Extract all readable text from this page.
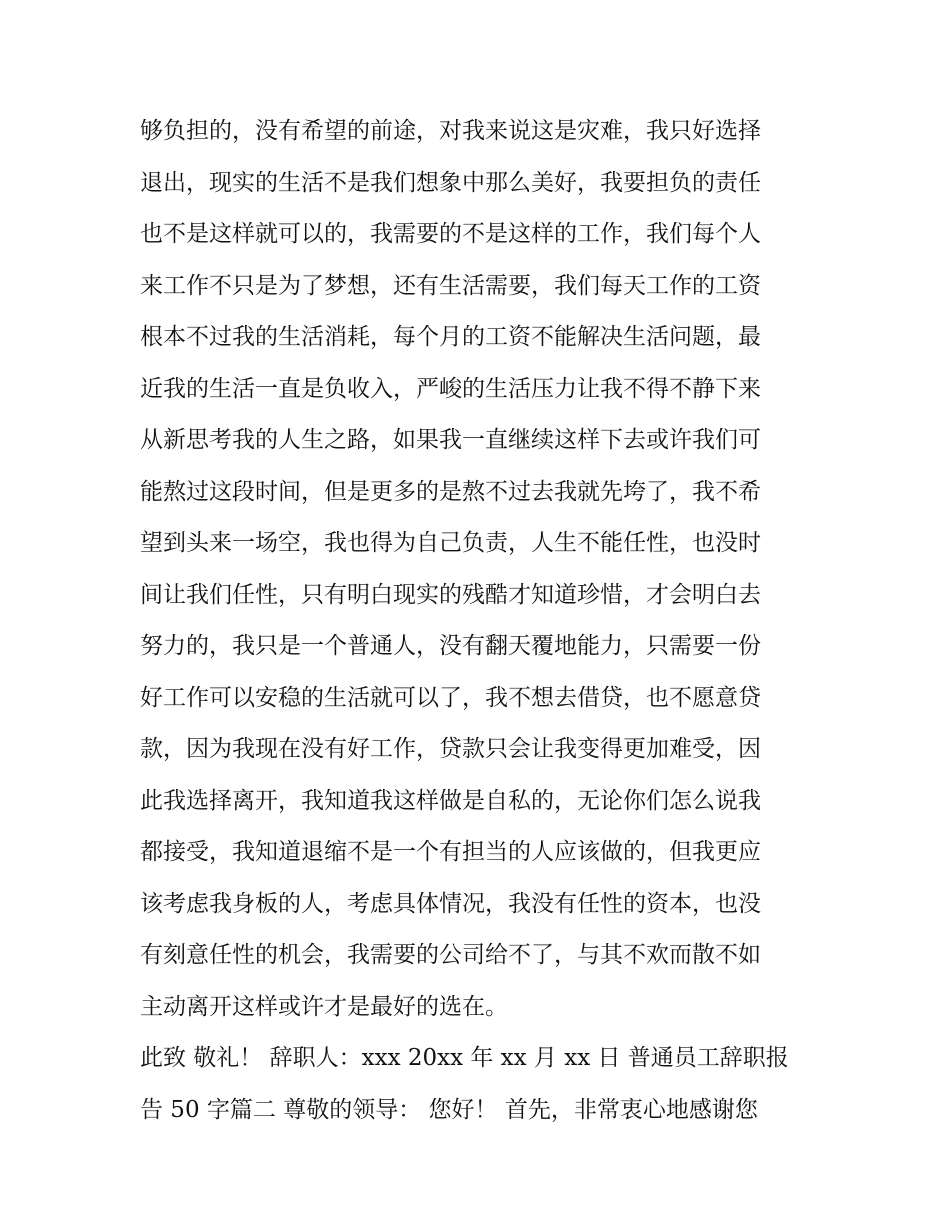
够负担的，没有希望的前途，对我来说这是灾难，我只好选择
退出，现实的生活不是我们想象中那么美好，我要担负的责任
也不是这样就可以的，我需要的不是这样的工作，我们每个人
来工作不只是为了梦想，还有生活需要，我们每天工作的工资
根本不过我的生活消耗，每个月的工资不能解决生活问题，最
近我的生活一直是负收入，严峻的生活压力让我不得不静下来
从新思考我的人生之路，如果我一直继续这样下去或许我们可
能熬过这段时间，但是更多的是熬不过去我就先垮了，我不希
望到头来一场空，我也得为自己负责，人生不能任性，也没时
间让我们任性，只有明白现实的残酷才知道珍惜，才会明白去
努力的，我只是一个普通人，没有翻天覆地能力，只需要一份
好工作可以安稳的生活就可以了，我不想去借贷，也不愿意贷
款，因为我现在没有好工作，贷款只会让我变得更加难受，因
此我选择离开，我知道我这样做是自私的，无论你们怎么说我
都接受，我知道退缩不是一个有担当的人应该做的，但我更应
该考虑我身板的人，考虑具体情况，我没有任性的资本，也没
有刻意任性的机会，我需要的公司给不了，与其不欢而散不如
主动离开这样或许才是最好的选在。
此致 敬礼！ 辞职人：xxx 20xx 年 xx 月 xx 日 普通员工辞职报
告 50 字篇二 尊敬的领导： 您好！ 首先，非常衷心地感谢您
